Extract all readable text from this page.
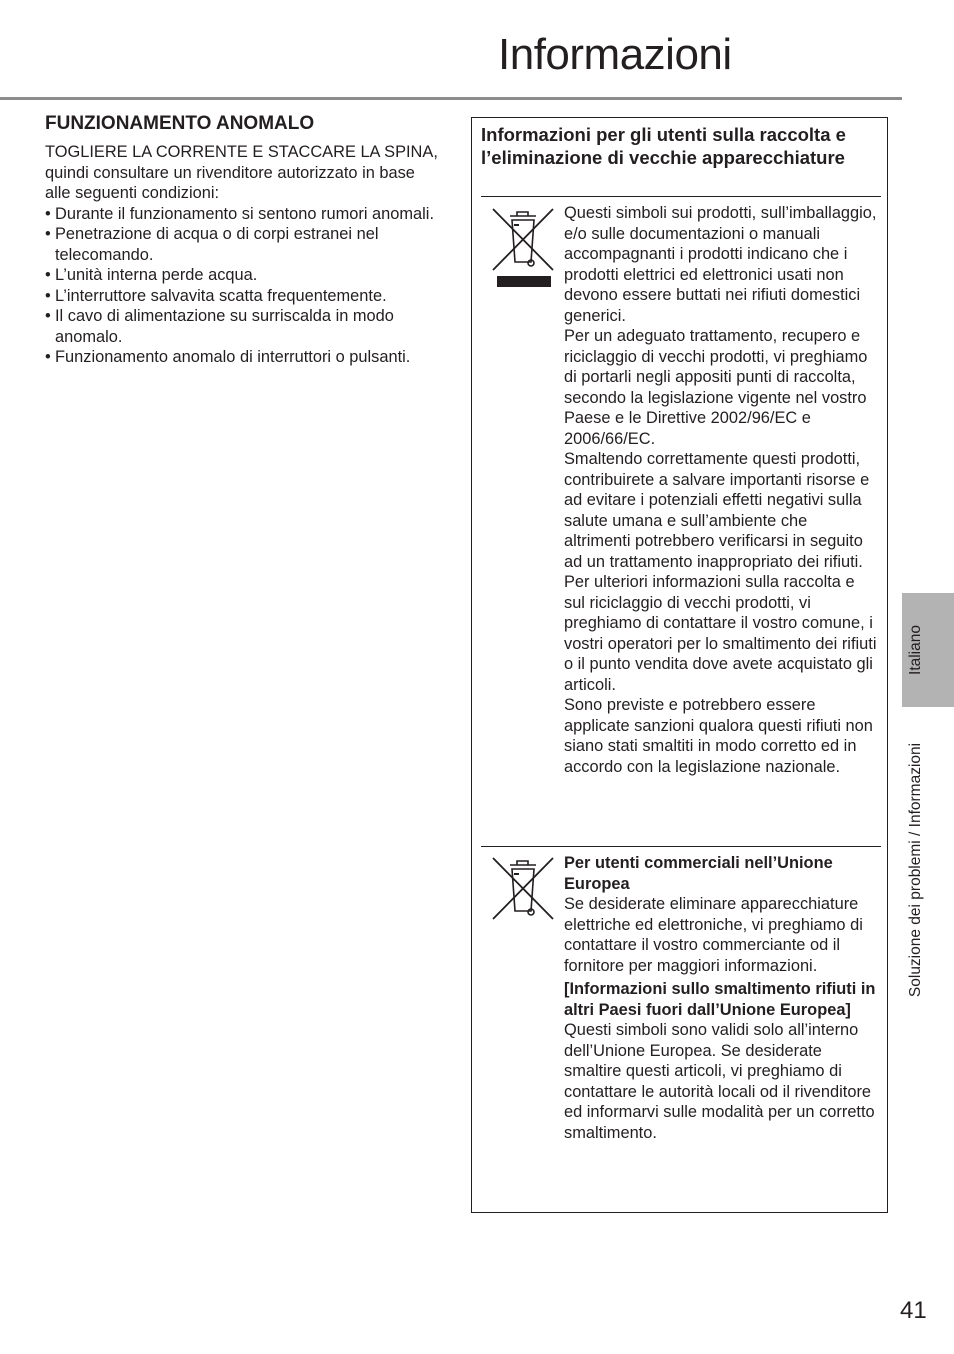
Informazioni
FUNZIONAMENTO ANOMALO

TOGLIERE LA CORRENTE E STACCARE LA SPINA, quindi consultare un rivenditore autorizzato in base alle seguenti condizioni:

• Durante il funzionamento si sentono rumori anomali.
• Penetrazione di acqua o di corpi estranei nel telecomando.
• L’unità interna perde acqua.
• L’interruttore salvavita scatta frequentemente.
• Il cavo di alimentazione su surriscalda in modo anomalo.
• Funzionamento anomalo di interruttori o pulsanti.
Informazioni per gli utenti sulla raccolta e l’eliminazione di vecchie apparecchiature

Questi simboli sui prodotti, sull’imballaggio, e/o sulle documentazioni o manuali accompagnanti i prodotti indicano che i prodotti elettrici ed elettronici usati non devono essere buttati nei rifiuti domestici generici.

Per un adeguato trattamento, recupero e riciclaggio di vecchi prodotti, vi preghiamo di portarli negli appositi punti di raccolta, secondo la legislazione vigente nel vostro Paese e le Direttive 2002/96/EC e 2006/66/EC.

Smaltendo correttamente questi prodotti, contribuirete a salvare importanti risorse e ad evitare i potenziali effetti negativi sulla salute umana e sull’ambiente che altrimenti potrebbero verificarsi in seguito ad un trattamento inappropriato dei rifiuti.

Per ulteriori informazioni sulla raccolta e sul riciclaggio di vecchi prodotti, vi preghiamo di contattare il vostro comune, i vostri operatori per lo smaltimento dei rifiuti o il punto vendita dove avete acquistato gli articoli.

Sono previste e potrebbero essere applicate sanzioni qualora questi rifiuti non siano stati smaltiti in modo corretto ed in accordo con la legislazione nazionale.

Per utenti commerciali nell’Unione Europea

Se desiderate eliminare apparecchiature elettriche ed elettroniche, vi preghiamo di contattare il vostro commerciante od il fornitore per maggiori informazioni.

[Informazioni sullo smaltimento rifiuti in altri Paesi fuori dall’Unione Europea]

Questi simboli sono validi solo all’interno dell’Unione Europea. Se desiderate smaltire questi articoli, vi preghiamo di contattare le autorità locali od il rivenditore ed informarvi sulle modalità per un corretto smaltimento.

Italiano
Soluzione dei problemi / Informazioni
41
